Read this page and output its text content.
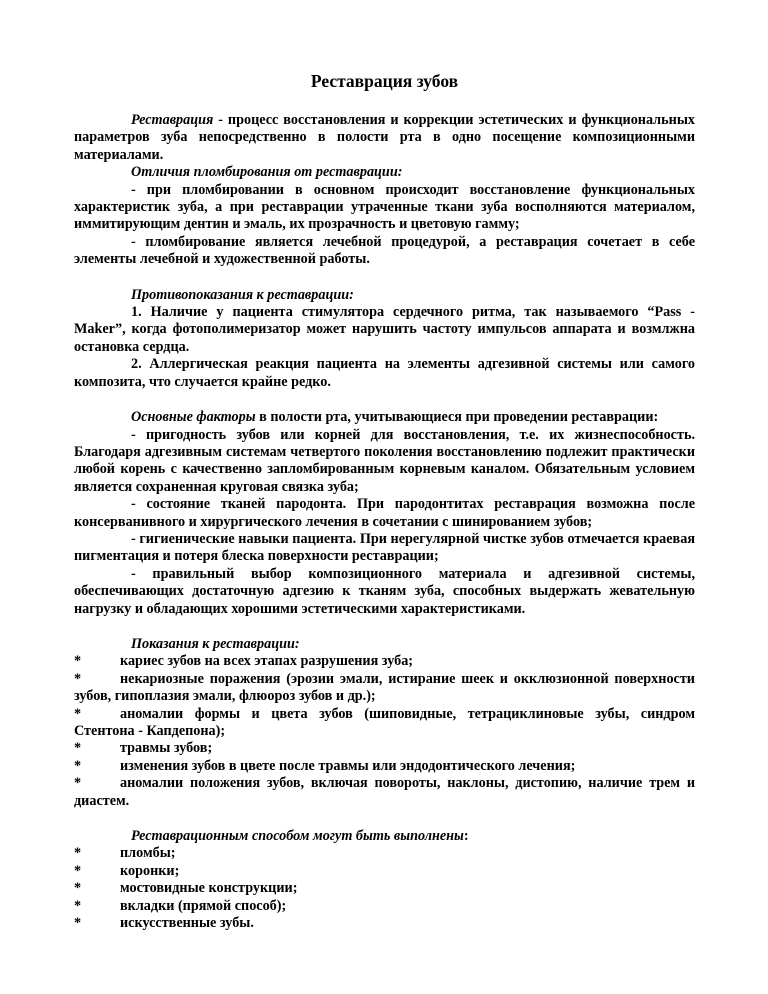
Реставрация зубов

Реставрация - процесс восстановления и коррекции эстетических и функциональных параметров зуба непосредственно в полости рта в одно посещение композиционными материалами.

Отличия пломбирования от реставрации:

- при пломбировании в основном происходит восстановление функциональных характеристик зуба, а при реставрации утраченные ткани зуба восполняются материалом, иммитирующим дентин и эмаль, их прозрачность и цветовую гамму;

- пломбирование является лечебной процедурой, а реставрация сочетает в себе элементы лечебной и художественной работы.

Противопоказания к реставрации:

1. Наличие у пациента стимулятора сердечного ритма, так называемого “Pass - Maker”, когда фотополимеризатор может нарушить частоту импульсов аппарата и возмлжна остановка сердца.

2. Аллергическая реакция пациента на элементы адгезивной системы или самого композита, что случается крайне редко.

Основные факторы в полости рта, учитывающиеся при проведении реставрации:

- пригодность зубов или корней для восстановления, т.е. их жизнеспособность. Благодаря адгезивным системам четвертого поколения восстановлению подлежит практически любой корень с качественно запломбированным корневым каналом. Обязательным условием является сохраненная круговая связка зуба;

- состояние тканей пародонта. При пародонтитах реставрация возможна после консерванивного и хирургического лечения в сочетании с шинированием зубов;

- гигиенические навыки пациента. При нерегулярной чистке зубов отмечается краевая пигментация и потеря блеска поверхности реставрации;

- правильный выбор композиционного материала и адгезивной системы, обеспечивающих достаточную адгезию к тканям зуба, способных выдержать жевательную нагрузку и обладающих хорошими эстетическими характеристиками.

Показания к реставрации:

*	кариес зубов на всех этапах разрушения зуба;

*	некариозные поражения (эрозии эмали, истирание шеек и окклюзионной поверхности зубов, гипоплазия эмали, флюороз зубов и др.);

*	аномалии формы и цвета зубов (шиповидные, тетрациклиновые зубы, синдром Стентона - Капдепона);

*	травмы зубов;

*	изменения зубов в цвете после травмы или эндодонтического лечения;

*	аномалии положения зубов, включая повороты, наклоны, дистопию, наличие трем и диастем.

Реставрационным способом могут быть выполнены:

*	пломбы;

*	коронки;

*	мостовидные конструкции;

*	вкладки (прямой способ);

*	искусственные зубы.
